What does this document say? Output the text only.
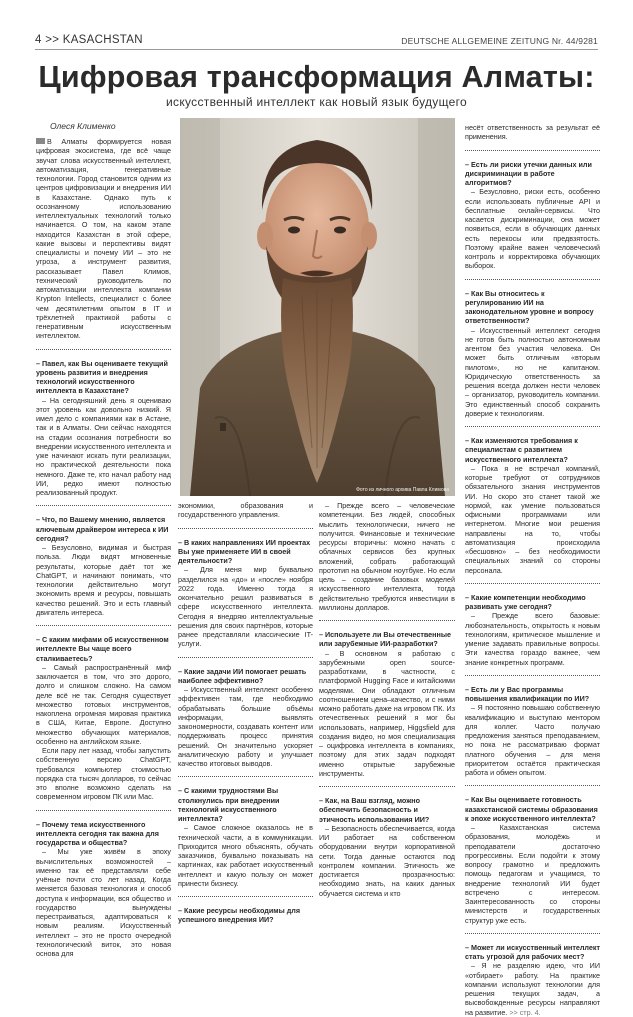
4 >> KASACHSTAN	DEUTSCHE ALLGEMEINE ZEITUNG Nr. 44/9281
Цифровая трансформация Алматы:
искусственный интеллект как новый язык будущего
Олеся Клименко

В Алматы формируется новая цифровая экосистема, где всё чаще звучат слова искусственный интеллект, автоматизация, генеративные технологии. Город становится одним из центров цифровизации и внедрения ИИ в Казахстане. Однако путь к осознанному использованию интеллектуальных технологий только начинается. О том, на каком этапе находится Казахстан в этой сфере, какие вызовы и перспективы видят специалисты и почему ИИ – это не угроза, а инструмент развития, рассказывает Павел Климов, технический руководитель по автоматизации интеллекта компании Krypton Intellects, специалист с более чем десятилетним опытом в IT и трёхлетней практикой работы с генеративным искусственным интеллектом.

– Павел, как Вы оцениваете текущий уровень развития и внедрения технологий искусственного интеллекта в Казахстане?

– На сегодняшний день я оцениваю этот уровень как довольно низкий. Я имел дело с компаниями как в Астане, так и в Алматы. Они сейчас находятся на стадии осознания потребности во внедрении искусственного интеллекта и уже начинают искать пути реализации, но практической деятельности пока немного. Даже те, кто начал работу над ИИ, редко имеют полностью реализованный продукт.

– Что, по Вашему мнению, является ключевым драйвером интереса к ИИ сегодня?

– Безусловно, видимая и быстрая польза. Люди видят мгновенные результаты, которые даёт тот же ChatGPT, и начинают понимать, что технологии действительно могут экономить время и ресурсы, повышать качество решений. Это и есть главный двигатель интереса.

– С каким мифами об искусственном интеллекте Вы чаще всего сталкиваетесь?

– Самый распространённый миф заключается в том, что это дорого, долго и слишком сложно. На самом деле всё не так. Сегодня существует множество готовых инструментов, накоплена огромная мировая практика в США, Китае, Европе. Доступно множество обучающих материалов, особенно на английском языке.

Если пару лет назад, чтобы запустить собственную версию ChatGPT, требовался компьютер стоимостью порядка ста тысяч долларов, то сейчас это вполне возможно сделать на современном игровом ПК или Mac.

– Почему тема искусственного интеллекта сегодня так важна для государства и общества?

– Мы уже живём в эпоху вычислительных возможностей – именно так её представляли себе учёные почти сто лет назад. Когда меняется базовая технология и способ доступа к информации, вся общество и государство вынуждены перестраиваться, адаптироваться к новым реалиям. Искусственный интеллект – это не просто очередной технологический виток, это новая основа для

Фото из личного архива Павла Климова

экономики, образования и государственного управления.

– В каких направлениях ИИ проектах Вы уже применяете ИИ в своей деятельности?

– Для меня мир буквально разделился на «до» и «после» ноября 2022 года. Именно тогда я окончательно решил развиваться в сфере искусственного интеллекта. Сегодня я внедряю интеллектуальные решения для своих партнёров, которые ранее представляли классические IT-услуги.

– Какие задачи ИИ помогает решать наиболее эффективно?

– Искусственный интеллект особенно эффективен там, где необходимо обрабатывать большие объёмы информации, выявлять закономерности, создавать контент или поддерживать процесс принятия решений. Он значительно ускоряет аналитическую работу и улучшает качество итоговых выводов.

– С какими трудностями Вы столкнулись при внедрении технологий искусственного интеллекта?

– Самое сложное оказалось не в технической части, а в коммуникации. Приходится много объяснять, обучать заказчиков, буквально показывать на картинках, как работает искусственный интеллект и какую пользу он может принести бизнесу.

– Какие ресурсы необходимы для успешного внедрения ИИ?

– Прежде всего – человеческие компетенции. Без людей, способных мыслить технологически, ничего не получится. Финансовые и технические ресурсы вторичны: можно начать с облачных сервисов без крупных вложений, собрать работающий прототип на обычном ноутбуке. Но если цель – создание базовых моделей искусственного интеллекта, тогда действительно требуются инвестиции в миллионы долларов.

– Используете ли Вы отечественные или зарубежные ИИ-разработки?

– В основном я работаю с зарубежными open source-разработками, в частности, с платформой Hugging Face и китайскими моделями. Они обладают отличным соотношением цена–качество, и с ними можно работать даже на игровом ПК. Из отечественных решений я мог бы использовать, например, Higgsfield для создания видео, но моя специализация – оцифровка интеллекта в компаниях, поэтому для этих задач подходят именно открытые зарубежные инструменты.

– Как, на Ваш взгляд, можно обеспечить безопасность и этичность использования ИИ?

– Безопасность обеспечивается, когда ИИ работает на собственном оборудовании внутри корпоративной сети. Тогда данные остаются под контролем компании. Этичность же достигается прозрачностью: необходимо знать, на каких данных обучается система и кто

несёт ответственность за результат её применения.

– Есть ли риски утечки данных или дискриминации в работе алгоритмов?

– Безусловно, риски есть, особенно если использовать публичные API и бесплатные онлайн-сервисы. Что касается дискриминации, она может появиться, если в обучающих данных есть перекосы или предвзятость. Поэтому крайне важен человеческий контроль и корректировка обучающих выборок.

– Как Вы относитесь к регулированию ИИ на законодательном уровне и вопросу ответственности?

– Искусственный интеллект сегодня не готов быть полностью автономным агентом без участия человека. Он может быть отличным «вторым пилотом», но не капитаном. Юридическую ответственность за решения всегда должен нести человек – организатор, руководитель компании. Это единственный способ сохранить доверие к технологиям.

– Как изменяются требования к специалистам с развитием искусственного интеллекта?

– Пока я не встречал компаний, которые требуют от сотрудников обязательного знания инструментов ИИ. Но скоро это станет такой же нормой, как умение пользоваться офисными программами или интернетом. Многие мои решения направлены на то, чтобы автоматизация происходила «бесшовно» – без необходимости специальных знаний со стороны персонала.

– Какие компетенции необходимо развивать уже сегодня?

– Прежде всего базовые: любознательность, открытость к новым технологиям, критическое мышление и умение задавать правильные вопросы. Эти качества гораздо важнее, чем знание конкретных программ.

– Есть ли у Вас программы повышения квалификации по ИИ?

– Я постоянно повышаю собственную квалификацию и выступаю ментором для коллег. Часто получаю предложения заняться преподаванием, но пока не рассматриваю формат платного обучения – для меня приоритетом остаётся практическая работа и обмен опытом.

– Как Вы оцениваете готовность казахстанской системы образования к эпохе искусственного интеллекта?

– Казахстанская система образования, молодёжь и преподаватели достаточно прогрессивны. Если подойти к этому вопросу грамотно и предложить помощь педагогам и учащимся, то внедрение технологий ИИ будет встречено с интересом. Заинтересованность со стороны министерств и государственных структур уже есть.

– Может ли искусственный интеллект стать угрозой для рабочих мест?

– Я не разделяю идею, что ИИ «отбирает» работу. На практике компании используют технологии для решения текущих задач, а высвобожденные ресурсы направляют на развитие. >> стр. 4.
